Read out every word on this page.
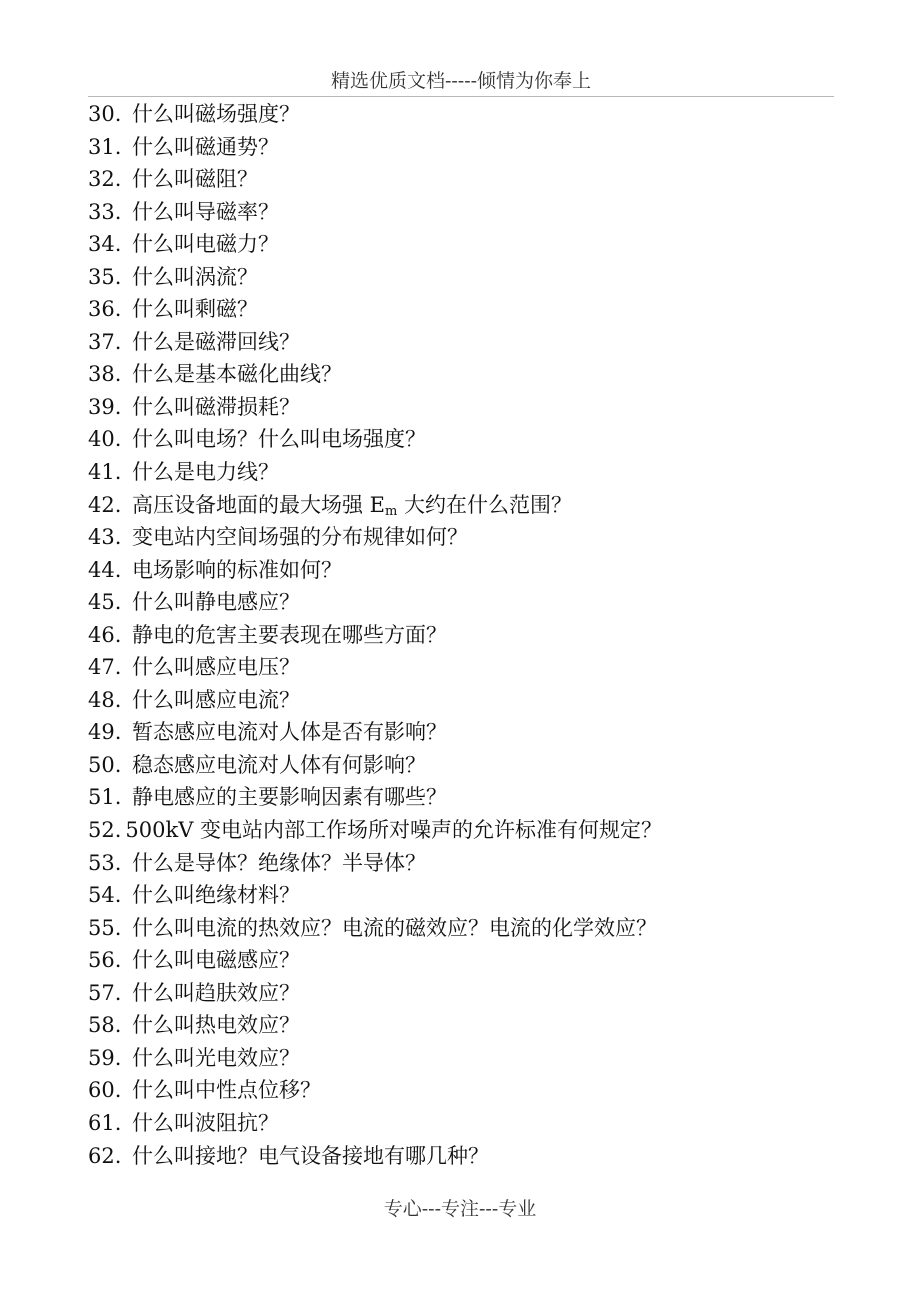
精选优质文档-----倾情为你奉上
30. 什么叫磁场强度？
31. 什么叫磁通势？
32. 什么叫磁阻？
33. 什么叫导磁率？
34. 什么叫电磁力？
35. 什么叫涡流？
36. 什么叫剩磁？
37. 什么是磁滞回线？
38. 什么是基本磁化曲线？
39. 什么叫磁滞损耗？
40. 什么叫电场？什么叫电场强度？
41. 什么是电力线？
42. 高压设备地面的最大场强 $E_m$ 大约在什么范围？
43. 变电站内空间场强的分布规律如何？
44. 电场影响的标准如何？
45. 什么叫静电感应？
46. 静电的危害主要表现在哪些方面？
47. 什么叫感应电压？
48. 什么叫感应电流？
49. 暂态感应电流对人体是否有影响？
50. 稳态感应电流对人体有何影响？
51. 静电感应的主要影响因素有哪些？
52. 500kV 变电站内部工作场所对噪声的允许标准有何规定？
53. 什么是导体？绝缘体？半导体？
54. 什么叫绝缘材料？
55. 什么叫电流的热效应？电流的磁效应？电流的化学效应？
56. 什么叫电磁感应？
57. 什么叫趋肤效应？
58. 什么叫热电效应？
59. 什么叫光电效应？
60. 什么叫中性点位移？
61. 什么叫波阻抗？
62. 什么叫接地？电气设备接地有哪几种？
专心---专注---专业
